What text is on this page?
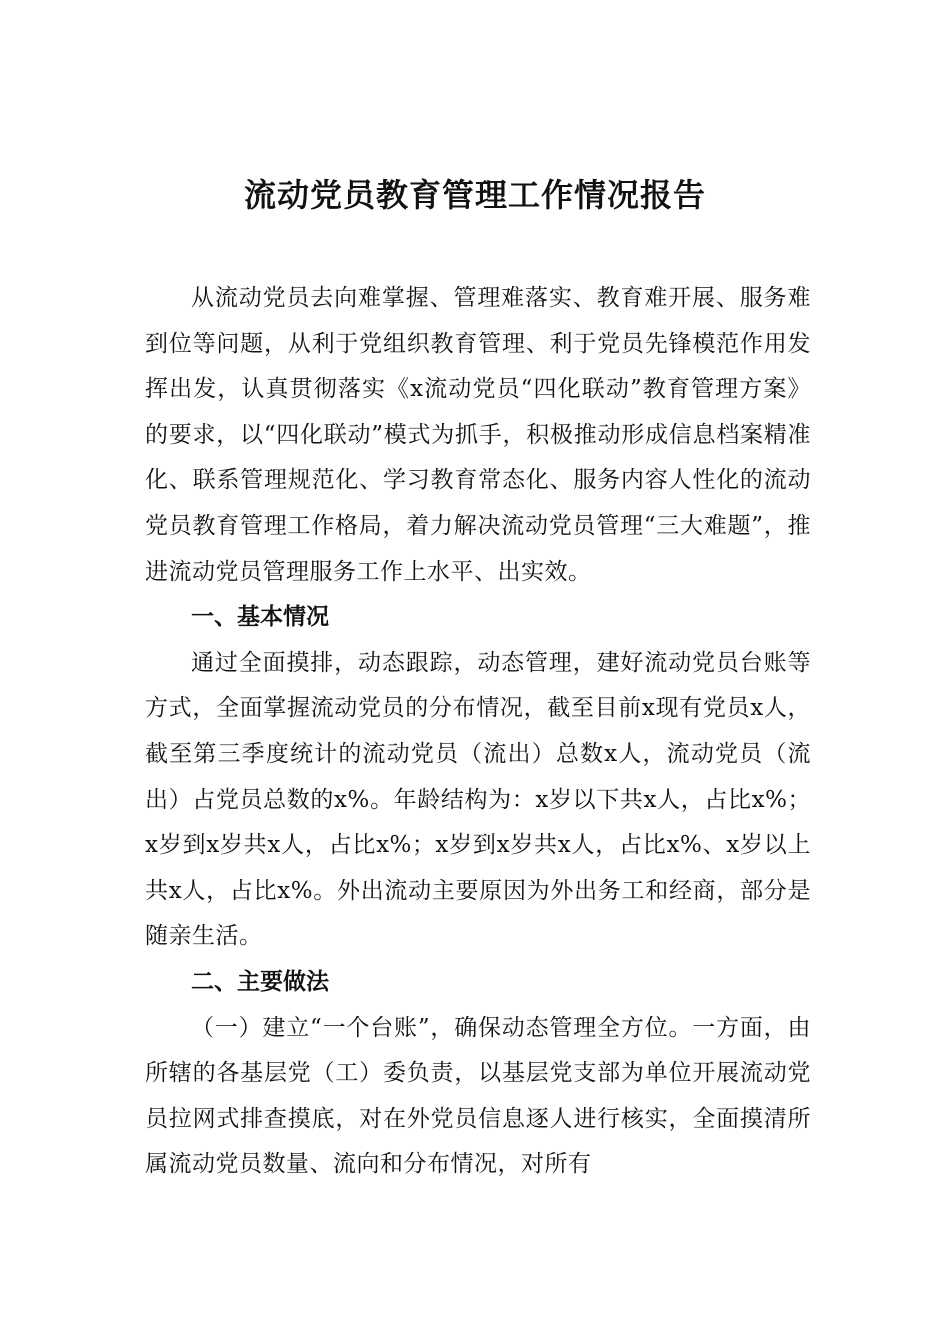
流动党员教育管理工作情况报告

从流动党员去向难掌握、管理难落实、教育难开展、服务难到位等问题，从利于党组织教育管理、利于党员先锋模范作用发挥出发，认真贯彻落实《x流动党员“四化联动”教育管理方案》的要求，以“四化联动”模式为抓手，积极推动形成信息档案精准化、联系管理规范化、学习教育常态化、服务内容人性化的流动党员教育管理工作格局，着力解决流动党员管理“三大难题”，推进流动党员管理服务工作上水平、出实效。

一、基本情况

通过全面摸排，动态跟踪，动态管理，建好流动党员台账等方式，全面掌握流动党员的分布情况，截至目前x现有党员x人，截至第三季度统计的流动党员（流出）总数x人，流动党员（流出）占党员总数的x%。年龄结构为：x岁以下共x人，占比x%；x岁到x岁共x人，占比x%；x岁到x岁共x人，占比x%、x岁以上共x人，占比x%。外出流动主要原因为外出务工和经商，部分是随亲生活。

二、主要做法

（一）建立“一个台账”，确保动态管理全方位。一方面，由所辖的各基层党（工）委负责，以基层党支部为单位开展流动党员拉网式排查摸底，对在外党员信息逐人进行核实，全面摸清所属流动党员数量、流向和分布情况，对所有
